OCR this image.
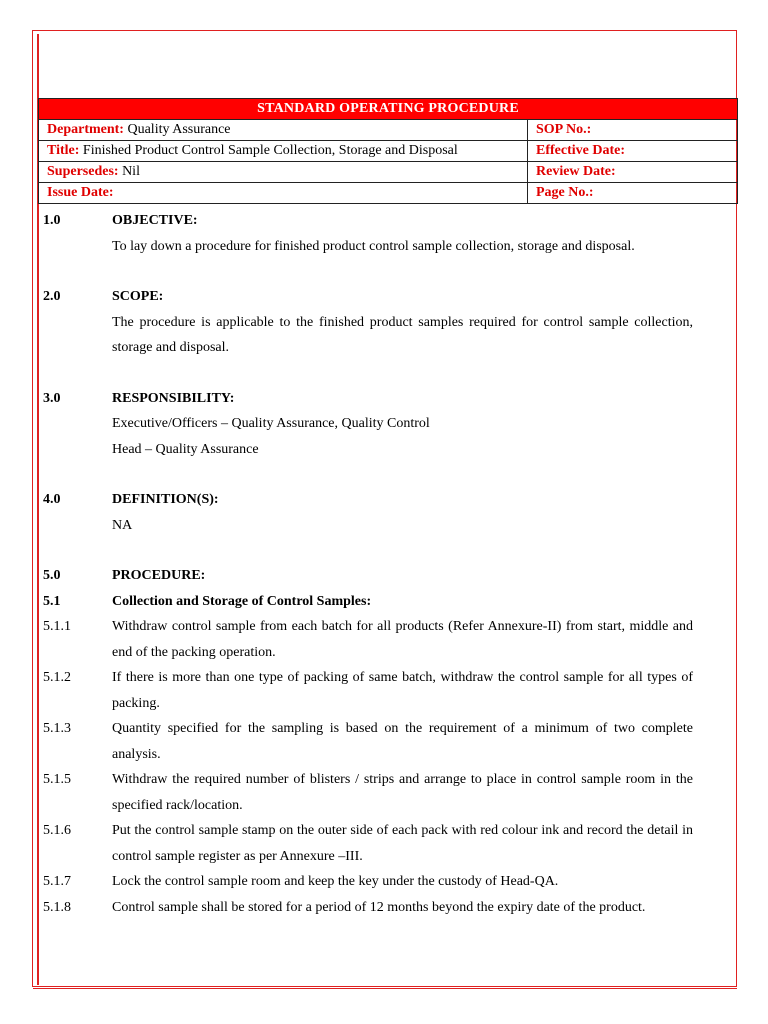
STANDARD OPERATING PROCEDURE	
Department: Quality Assurance	SOP No.:
Title: Finished Product Control Sample Collection, Storage and Disposal	Effective Date:
Supersedes: Nil	Review Date:
Issue Date:	Page No.:
1.0	OBJECTIVE:
To lay down a procedure for finished product control sample collection, storage and disposal.
2.0	SCOPE:
The procedure is applicable to the finished product samples required for control sample collection, storage and disposal.
3.0	RESPONSIBILITY:
Executive/Officers – Quality Assurance, Quality Control
Head – Quality Assurance
4.0	DEFINITION(S):
NA
5.0	PROCEDURE:
5.1	Collection and Storage of Control Samples:
5.1.1	Withdraw control sample from each batch for all products (Refer Annexure-II) from start, middle and end of the packing operation.
5.1.2	If there is more than one type of packing of same batch, withdraw the control sample for all types of packing.
5.1.3	Quantity specified for the sampling is based on the requirement of a minimum of two complete analysis.
5.1.5	Withdraw the required number of blisters / strips and arrange to place in control sample room in the specified rack/location.
5.1.6	Put the control sample stamp on the outer side of each pack with red colour ink and record the detail in control sample register as per Annexure –III.
5.1.7	Lock the control sample room and keep the key under the custody of Head-QA.
5.1.8	Control sample shall be stored for a period of 12 months beyond the expiry date of the product.
